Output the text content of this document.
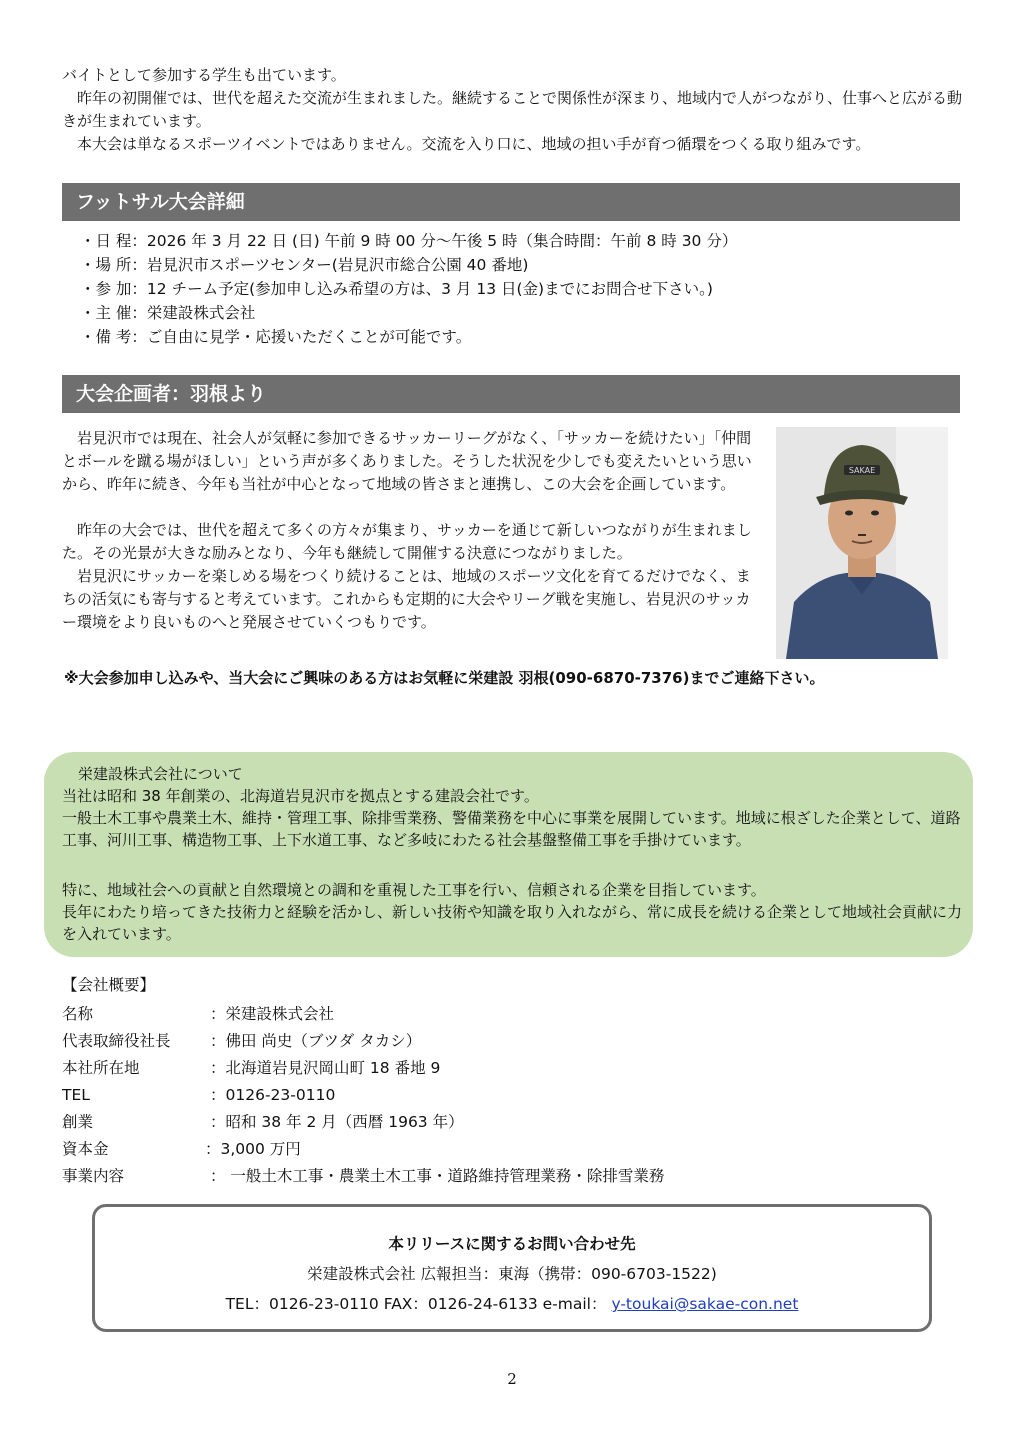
バイトとして参加する学生も出ています。

昨年の初開催では、世代を超えた交流が生まれました。継続することで関係性が深まり、地域内で人がつながり、仕事へと広がる動きが生まれています。

本大会は単なるスポーツイベントではありません。交流を入り口に、地域の担い手が育つ循環をつくる取り組みです。

フットサル大会詳細
・日 程：2026 年 3 月 22 日 (日) 午前 9 時 00 分～午後 5 時（集合時間：午前 8 時 30 分）
・場 所：岩見沢市スポーツセンター(岩見沢市総合公園 40 番地)
・参 加：12 チーム予定(参加申し込み希望の方は、3 月 13 日(金)までにお問合せ下さい。)
・主 催：栄建設株式会社
・備 考：ご自由に見学・応援いただくことが可能です。
大会企画者：羽根より

岩見沢市では現在、社会人が気軽に参加できるサッカーリーグがなく、「サッカーを続けたい」「仲間とボールを蹴る場がほしい」という声が多くありました。そうした状況を少しでも変えたいという思いから、昨年に続き、今年も当社が中心となって地域の皆さまと連携し、この大会を企画しています。

昨年の大会では、世代を超えて多くの方々が集まり、サッカーを通じて新しいつながりが生まれました。その光景が大きな励みとなり、今年も継続して開催する決意につながりました。

岩見沢にサッカーを楽しめる場をつくり続けることは、地域のスポーツ文化を育てるだけでなく、まちの活気にも寄与すると考えています。これからも定期的に大会やリーグ戦を実施し、岩見沢のサッカー環境をより良いものへと発展させていくつもりです。

SAKAE

※大会参加申し込みや、当大会にご興味のある方はお気軽に栄建設 羽根(090-6870-7376)までご連絡下さい。

栄建設株式会社について

当社は昭和 38 年創業の、北海道岩見沢市を拠点とする建設会社です。

一般土木工事や農業土木、維持・管理工事、除排雪業務、警備業務を中心に事業を展開しています。地域に根ざした企業として、道路工事、河川工事、構造物工事、上下水道工事、など多岐にわたる社会基盤整備工事を手掛けています。

特に、地域社会への貢献と自然環境との調和を重視した工事を行い、信頼される企業を目指しています。

長年にわたり培ってきた技術力と経験を活かし、新しい技術や知識を取り入れながら、常に成長を続ける企業として地域社会貢献に力を入れています。

【会社概要】
名称	：栄建設株式会社
代表取締役社長	：佛田 尚史（ブツダ タカシ）
本社所在地	：北海道岩見沢岡山町 18 番地 9
TEL	：0126-23-0110
創業	：昭和 38 年 2 月（西暦 1963 年）
資本金	：3,000 万円
事業内容	： 一般土木工事・農業土木工事・道路維持管理業務・除排雪業務
本リリースに関するお問い合わせ先
栄建設株式会社 広報担当：東海（携帯：090-6703-1522)
TEL：0126-23-0110 FAX：0126-24-6133 e-mail： y-toukai@sakae-con.net
2
